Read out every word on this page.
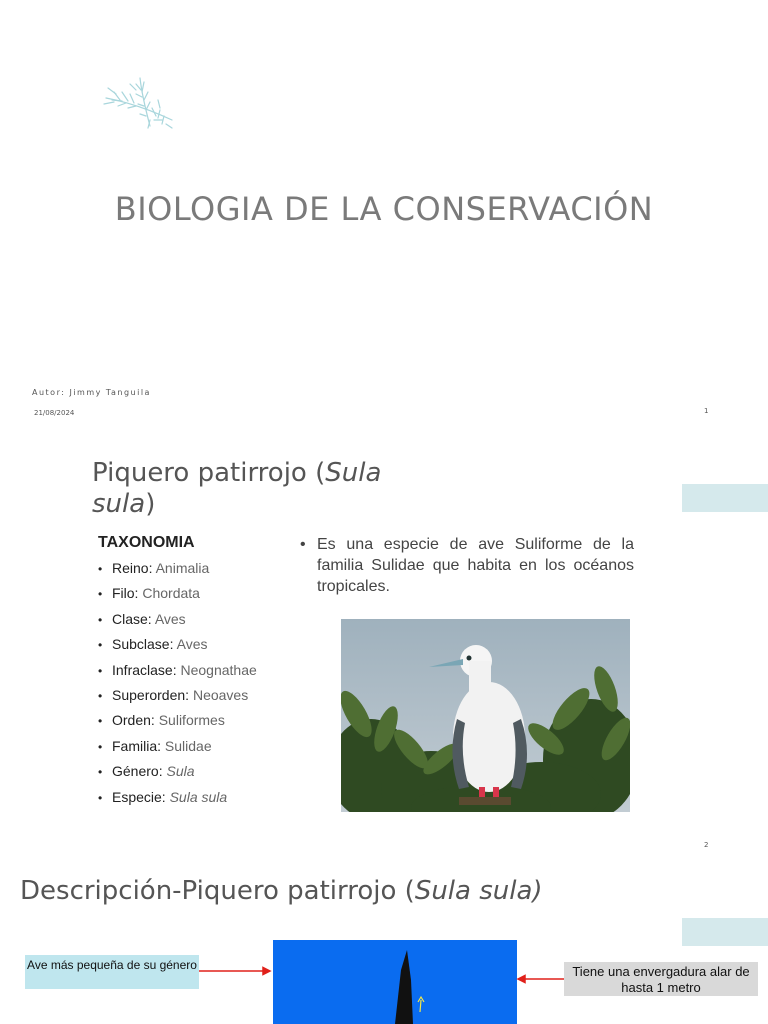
BIOLOGIA DE LA CONSERVACIÓN
Autor: Jimmy Tanguila
21/08/2024	1
Piquero patirrojo (Sula sula)
TAXONOMIA
• Reino: Animalia
• Filo: Chordata
• Clase: Aves
• Subclase: Aves
• Infraclase: Neognathae
• Superorden: Neoaves
• Orden: Suliformes
• Familia: Sulidae
• Género: Sula
• Especie: Sula sula
• Es una especie de ave Suliforme de la familia Sulidae que habita en los océanos tropicales.
2
Descripción-Piquero patirrojo (Sula sula)
Ave más pequeña de su género	Tiene una envergadura alar de hasta 1 metro
